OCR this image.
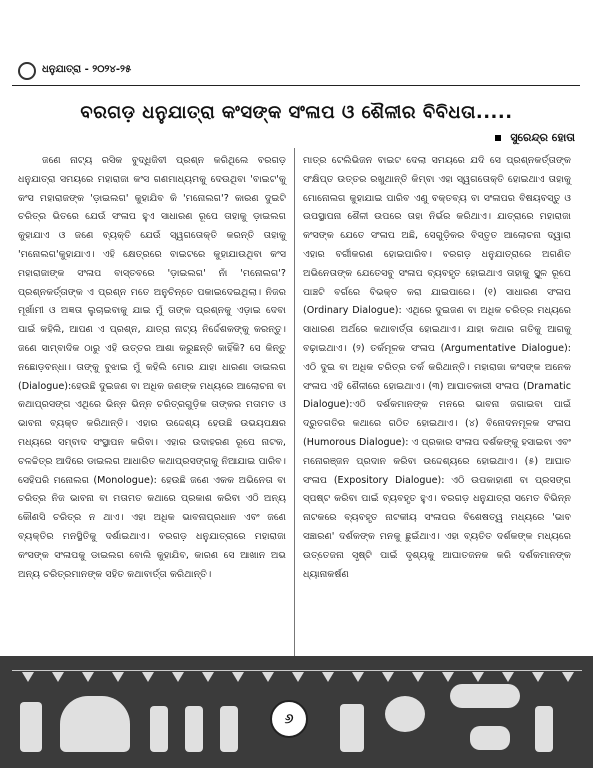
ଧନୁଯାତ୍ରା - ୨୦୨୪-୨୫
ବରଗଡ଼ ଧନୁଯାତ୍ରା କଂସଙ୍କ ସଂଳାପ ଓ ଶୈଳୀର ବିବିଧତା.....
ସୁରେନ୍ଦ୍ର ହୋତା

ଜଣେ ନାଟ୍ୟ ରସିକ ବୁଦ୍ଧିଜିବୀ ପ୍ରଶ୍ନ କରିଥିଲେ ବରଗଡ଼ ଧନୁଯାତ୍ରା ସମୟରେ ମହାରାଜା କଂସ ଗଣମାଧ୍ୟମକୁ ଦେଉଥିବା 'ବାଇଟ'କୁ କଂସ ମହାରାଜଙ୍କ 'ଡ଼ାଇଲଗ' କୁହାଯିବ କି 'ମନୋଲଗ'? କାରଣ ଦୁଇଟି ଚରିତ୍ର ଭିତରେ ଯେଉଁ ସଂଳାପ ହୁଏ ସାଧାରଣ ରୂପେ ତାହାକୁ ଡ଼ାଇଲଗ କୁହାଯାଏ ଓ ଜଣେ ବ୍ୟକ୍ତି ଯେଉଁ ସ୍ୱଗତୋକ୍ତି କରନ୍ତି ତାହାକୁ 'ମନୋଲଗ'କୁହାଯାଏ। ଏହି କ୍ଷେତ୍ରରେ ବାଇଟରେ କୁହାଯାଉଥିବା କଂସ ମହାରାଜାଙ୍କ ସଂଳାପ ବାସ୍ତବରେ 'ଡ଼ାଇଲଗ' ନାଁ 'ମନୋଲଗ'? ପ୍ରଶ୍ନକର୍ତ୍ତାଙ୍କ ଏ ପ୍ରଶ୍ନ ମତେ ଅନୁଚିନ୍ତେ ପକାଇଦେଇଥିଲା। ନିଜର ମୂର୍ଖାମୀ ଓ ଅଜ୍ଞତା ଲୁଚାଇବାକୁ ଯାଇ ମୁଁ ତାଙ୍କ ପ୍ରଶ୍ନକୁ ଏଡ଼ାଇ ଦେବା ପାଇଁ କହିଲି, ଆପଣ ଏ ପ୍ରଶ୍ନ, ଯାତ୍ରା ନାଟ୍ୟ ନିର୍ଦ୍ଦେଶକଙ୍କୁ କରନ୍ତୁ। ଜଣେ ସାମ୍ବାଦିକ ଠାରୁ ଏହି ଉତ୍ତର ଆଶା କରୁଛନ୍ତି କାହିଁକି? ସେ କିନ୍ତୁ ନଛୋଡ଼ବନ୍ଧା। ତାଙ୍କୁ ବୁଝାଇ ମୁଁ କହିଲି ମୋର ଯାହା ଧାରଣା ଡାଇଲଗ (Dialogue):ହେଉଛି ଦୁଇଜଣ ବା ଅଧିକ ଜଣଙ୍କ ମଧ୍ୟରେ ଆଲୋଚନା ବା କଥାପ୍ରସଙ୍ଗ ଏଥିରେ ଭିନ୍ନ ଭିନ୍ନ ଚରିତ୍ରଗୁଡ଼ିକ ତାଙ୍କର ମତାମତ ଓ ଭାବନା ବ୍ୟକ୍ତ କରିଥାନ୍ତି। ଏହାର ଉଦ୍ଦେଶ୍ୟ ହେଉଛି ଉଭୟପକ୍ଷର ମଧ୍ୟରେ ସମ୍ବାଦ ସଂସ୍ଥାପନ କରିବା। ଏହାର ଉଦାହରଣ ରୂପେ ନାଟକ, ଚଳଚ୍ଚିତ୍ର ଆଦିରେ ଡାଇଲଗ ଆଧାରିତ କଥାପ୍ରସଙ୍ଗକୁ ନିଆଯାଇ ପାରିବ। ସେହିପରି ମନୋଲଗ (Monologue): ହେଉଛି ଜଣେ ଏକକ ଅଭିନେତା ବା ଚରିତ୍ର ନିଜ ଭାବନା ବା ମତାମତ କଥାରେ ପ୍ରକାଶ କରିବା ଏଠି ଅନ୍ୟ କୌଣସି ଚରିତ୍ର ନ ଥାଏ। ଏହା ଅଧିକ ଭାବନାପ୍ରଧାନ ଏବଂ ଜଣେ ବ୍ୟକ୍ତିର ମନସ୍ଥିତିକୁ ଦର୍ଶାଇଥାଏ। ବରଗଡ଼ ଧନୁଯାତ୍ରାରେ ମହାରାଜା କଂସଙ୍କ ସଂଳାପକୁ ଡାଇଲଗ ବୋଲି କୁହାଯିବ, କାରଣ ସେ ଆଖାନ ଅଭ ଅନ୍ୟ ଚରିତ୍ରମାନଙ୍କ ସହିତ କଥାବାର୍ତ୍ତା କରିଥାନ୍ତି।

ମାତ୍ର ଟେଲିଭିଜନ ବାଇଟ ଦେଲା ସମୟରେ ଯଦି ସେ ପ୍ରଶ୍ନକର୍ତ୍ତାଙ୍କ ସଂକ୍ଷିପ୍ତ ଉତ୍ତର ରଖୁଥାନ୍ତି କିମ୍ବା ଏହା ସ୍ୱଗତୋକ୍ତି ହୋଇଥାଏ ତାହାକୁ ମୋନୋଲଗ କୁହାଯାଇ ପାରିବ ଏଣୁ ବକ୍ତବ୍ୟ ବା ସଂଳାପର ବିଷୟବସ୍ତୁ ଓ ଉପସ୍ଥାପନା ଶୈଳୀ ଉପରେ ତାହା ନିର୍ଭର କରିଥାଏ। ଯାତ୍ରାରେ ମହାରାଜା କଂସଙ୍କ ଯେତେ ସଂଳାପ ଅଛି, ସେଗୁଡ଼ିକର ବିସ୍ତୃତ ଆଲୋଚନା ଦ୍ୱାରା ଏହାର ବର୍ଗୀକରଣ ହୋଇପାରିବ। ବରଗଡ଼ ଧନୁଯାତ୍ରାରେ ଅଗଣିତ ଅଭିନେତାଙ୍କ ଯେତେସବୁ ସଂଳାପ ବ୍ୟବହୃତ ହୋଇଥାଏ ତାହାକୁ ସ୍ଥୂଳ ରୂପେ ପାଞ୍ଚଟି ବର୍ଗରେ ବିଭକ୍ତ କରା ଯାଇପାରେ। (୧) ସାଧାରଣ ସଂଳାପ (Ordinary Dialogue): ଏଥିରେ ଦୁଇଜଣ ବା ଅଧିକ ଚରିତ୍ର ମଧ୍ୟରେ ସାଧାରଣ ଅର୍ଥରେ କଥାବାର୍ତ୍ତା ହୋଇଥାଏ। ଯାହା କଥାର ଗତିକୁ ଆଗକୁ ବଢ଼ାଇଥାଏ। (୨) ତର୍କମୂଳକ ସଂଳାପ (Argumentative Dialogue): ଏଠି ଦୁଇ ବା ଅଧିକ ଚରିତ୍ର ତର୍କ କରିଥାନ୍ତି। ମହାରାଜା କଂସଙ୍କ ଅନେକ ସଂଳାପ ଏହି ଶୈଳୀରେ ହୋଇଥାଏ। (୩) ଆଘାତକାରୀ ସଂଳାପ (Dramatic Dialogue):ଏଠି ଦର୍ଶକମାନଙ୍କ ମନରେ ଭାବନା ଜଗାଇବା ପାଇଁ ଦ୍ରୁତଗତିର କଥାରେ ଗଠିତ ହୋଇଥାଏ। (୪) ବିନୋଦନମୂଳକ ସଂଳାପ (Humorous Dialogue): ଏ ପ୍ରକାର ସଂଳାପ ଦର୍ଶକଙ୍କୁ ହସାଇବା ଏବଂ ମନୋରଞ୍ଜନ ପ୍ରଦାନ କରିବା ଉଦ୍ଦେଶ୍ୟରେ ହୋଇଥାଏ। (୫) ଆଘାତ ସଂଳାପ (Expository Dialogue): ଏଠି ଉପକାହାଣୀ ବା ପ୍ରସଙ୍ଗ ସ୍ପଷ୍ଟ କରିବା ପାଇଁ ବ୍ୟବହୃତ ହୁଏ। ବରଗଡ଼ ଧନୁଯାତ୍ରା ସମେତ ବିଭିନ୍ନ ନାଟକରେ ବ୍ୟବହୃତ ନାଟକୀୟ ସଂଳାପର ବିଶେଷତ୍ୱ ମଧ୍ୟରେ 'ଭାବ ସଞ୍ଚାରଣ' ଦର୍ଶକଙ୍କ ମନକୁ ଛୁଇଁଥାଏ। ଏହା ବ୍ୟତିତ ଦର୍ଶକଙ୍କ ମଧ୍ୟରେ ଉତ୍ତେଜନା ସୃଷ୍ଟି ପାଇଁ ଦୃଶ୍ୟକୁ ଆଘାତଜନକ କରି ଦର୍ଶକମାନଙ୍କ ଧ୍ୟାନାକର୍ଷଣ

୬
